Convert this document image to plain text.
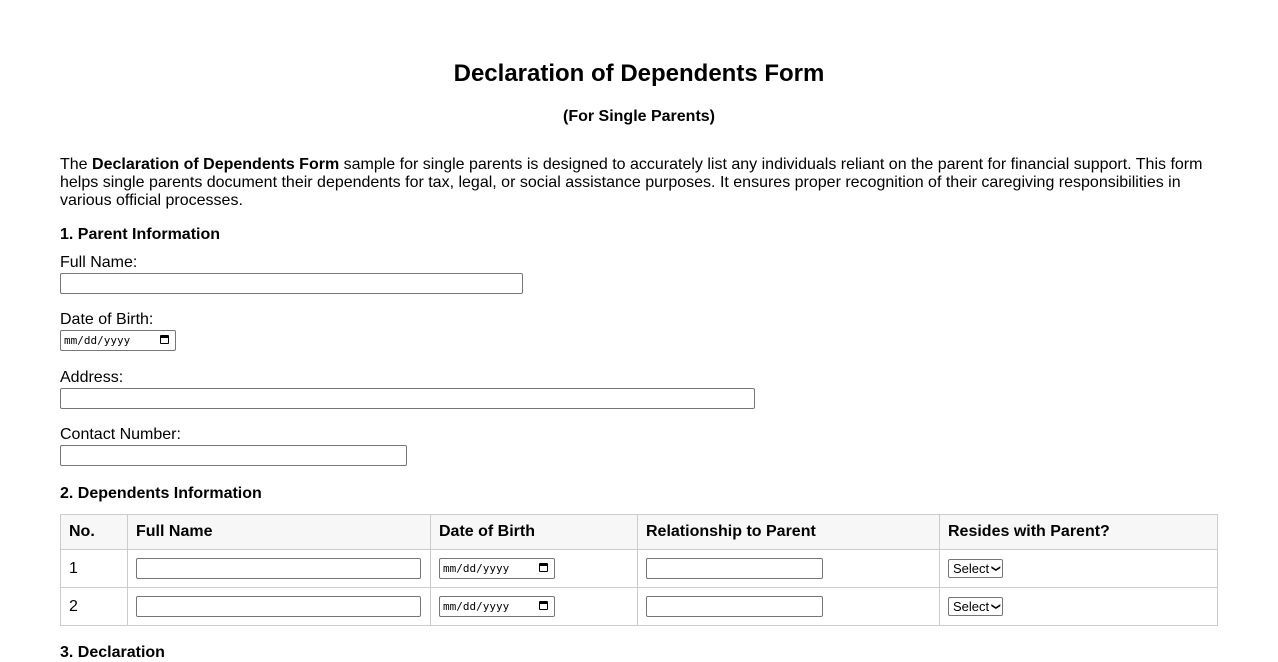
Declaration of Dependents Form
(For Single Parents)

The Declaration of Dependents Form sample for single parents is designed to accurately list any individuals reliant on the parent for financial support. This form helps single parents document their dependents for tax, legal, or social assistance purposes. It ensures proper recognition of their caregiving responsibilities in various official processes.

1. Parent Information
Full Name:
Date of Birth:
mm/dd/yyyy
Address:
Contact Number:
2. Dependents Information
No.	Full Name	Date of Birth	Relationship to Parent	Resides with Parent?
1		mm/dd/yyyy		Select ❯

2		mm/dd/yyyy		Select ❯
3. Declaration
